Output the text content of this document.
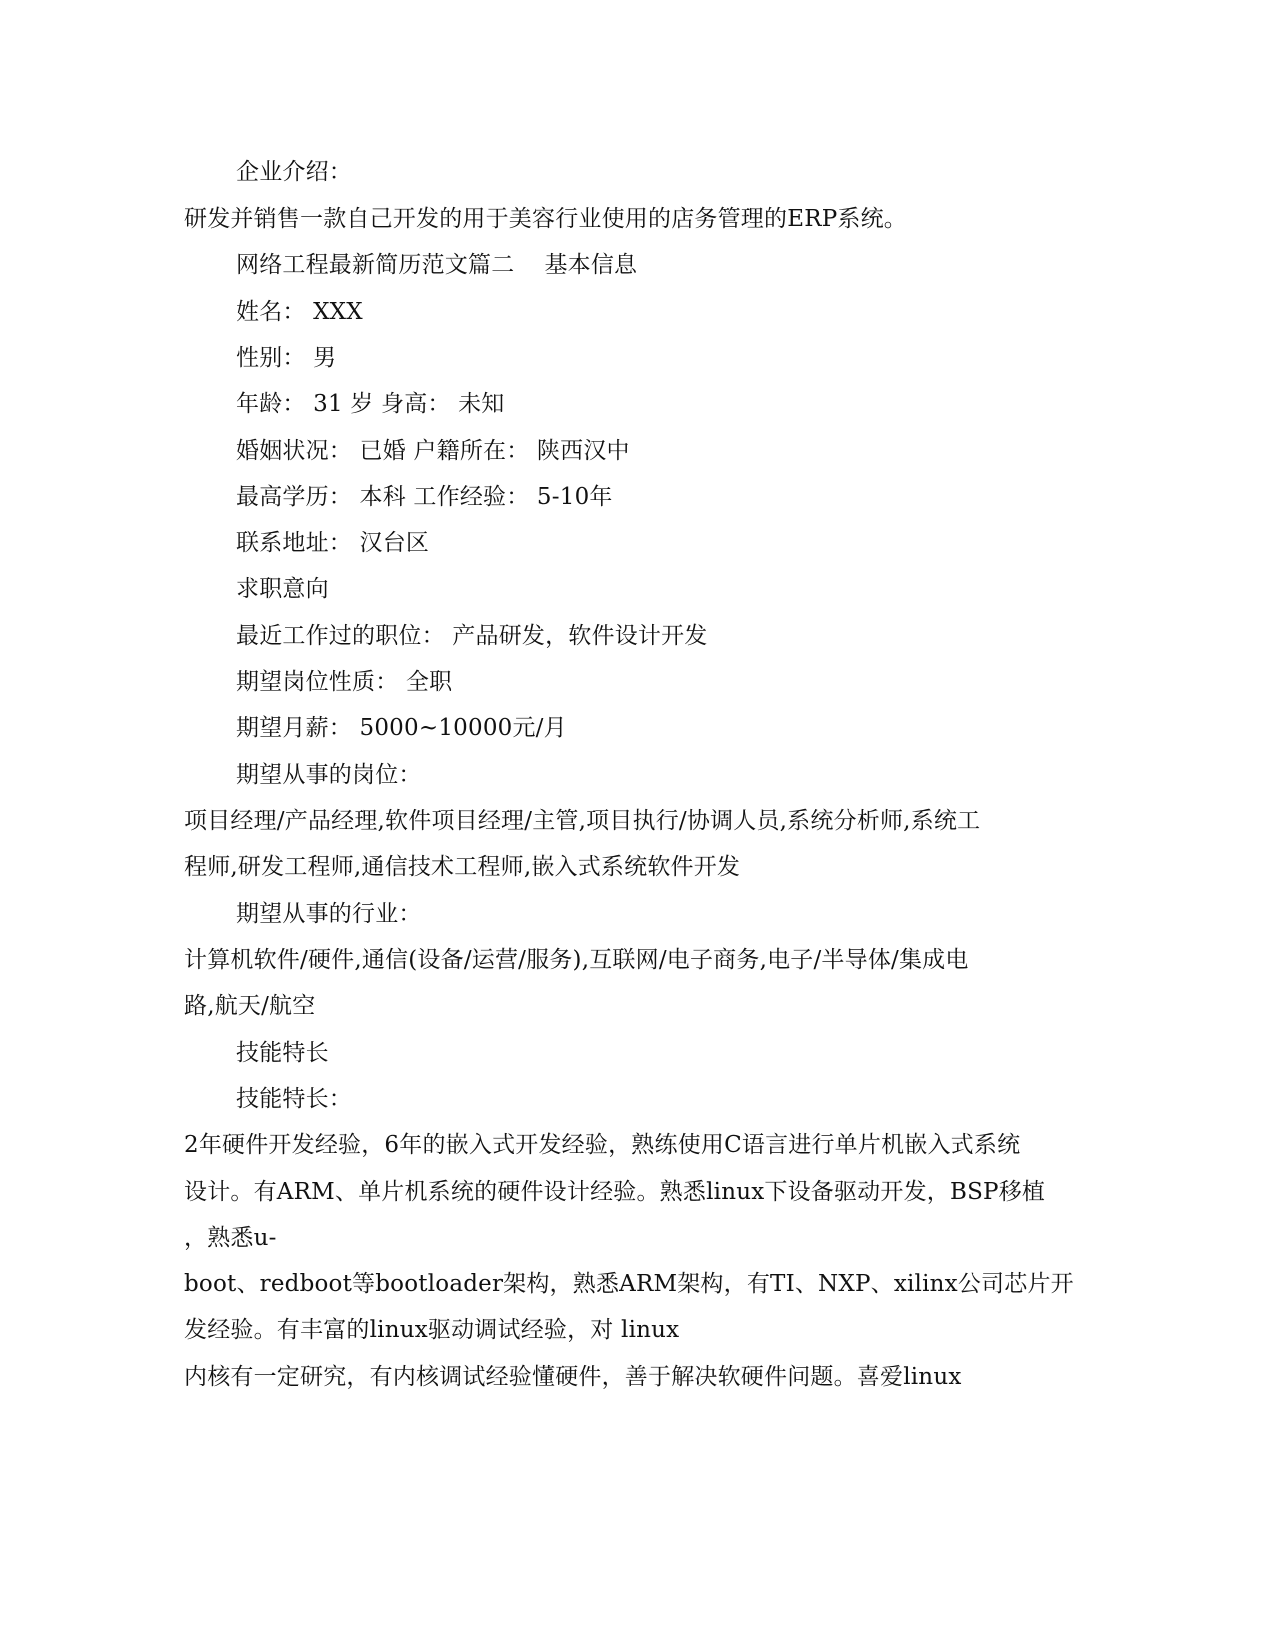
企业介绍：
研发并销售一款自己开发的用于美容行业使用的店务管理的ERP系统。
网络工程最新简历范文篇二    基本信息
姓名： XXX
性别： 男
年龄： 31 岁 身高： 未知
婚姻状况： 已婚 户籍所在： 陕西汉中
最高学历： 本科 工作经验： 5-10年
联系地址： 汉台区
求职意向
最近工作过的职位： 产品研发，软件设计开发
期望岗位性质： 全职
期望月薪： 5000~10000元/月
期望从事的岗位：
项目经理/产品经理,软件项目经理/主管,项目执行/协调人员,系统分析师,系统工
程师,研发工程师,通信技术工程师,嵌入式系统软件开发
期望从事的行业：
计算机软件/硬件,通信(设备/运营/服务),互联网/电子商务,电子/半导体/集成电
路,航天/航空
技能特长
技能特长：
2年硬件开发经验，6年的嵌入式开发经验，熟练使用C语言进行单片机嵌入式系统
设计。有ARM、单片机系统的硬件设计经验。熟悉linux下设备驱动开发，BSP移植
，熟悉u-
boot、redboot等bootloader架构，熟悉ARM架构，有TI、NXP、xilinx公司芯片开
发经验。有丰富的linux驱动调试经验，对 linux
内核有一定研究，有内核调试经验懂硬件，善于解决软硬件问题。喜爱linux
